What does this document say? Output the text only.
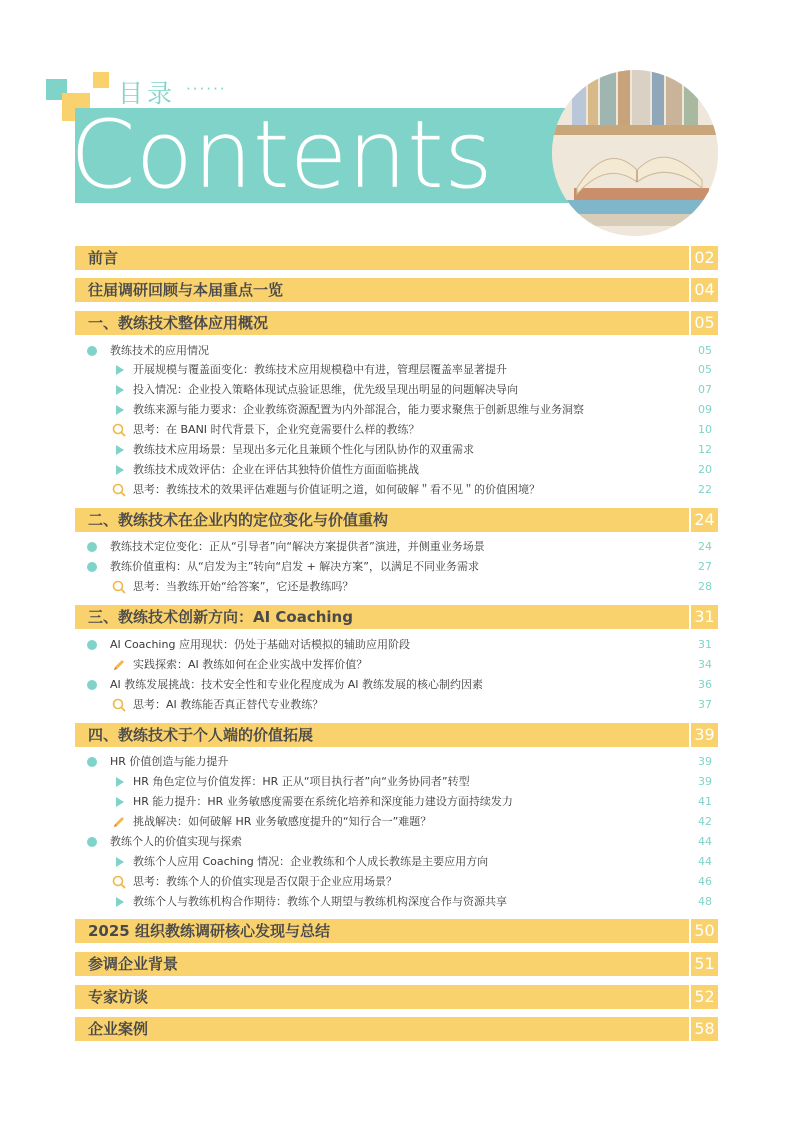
目录 ······
Contents
前言	02
往届调研回顾与本届重点一览	04
一、教练技术整体应用概况	05
教练技术的应用情况	05
开展规模与覆盖面变化：教练技术应用规模稳中有进，管理层覆盖率显著提升	05
投入情况：企业投入策略体现试点验证思维，优先级呈现出明显的问题解决导向	07
教练来源与能力要求：企业教练资源配置为内外部混合，能力要求聚焦于创新思维与业务洞察	09
思考：在 BANI 时代背景下，企业究竟需要什么样的教练？	10
教练技术应用场景：呈现出多元化且兼顾个性化与团队协作的双重需求	12
教练技术成效评估：企业在评估其独特价值性方面面临挑战	20
思考：教练技术的效果评估难题与价值证明之道，如何破解＂看不见＂的价值困境？	22
二、教练技术在企业内的定位变化与价值重构	24
教练技术定位变化：正从“引导者”向“解决方案提供者”演进，并侧重业务场景	24
教练价值重构：从“启发为主”转向“启发 + 解决方案”，以满足不同业务需求	27
思考：当教练开始“给答案”，它还是教练吗？	28
三、教练技术创新方向：AI Coaching	31
AI Coaching 应用现状：仍处于基础对话模拟的辅助应用阶段	31
实践探索：AI 教练如何在企业实战中发挥价值？	34
AI 教练发展挑战：技术安全性和专业化程度成为 AI 教练发展的核心制约因素	36
思考：AI 教练能否真正替代专业教练？	37
四、教练技术于个人端的价值拓展	39
HR 价值创造与能力提升	39
HR 角色定位与价值发挥：HR 正从“项目执行者”向“业务协同者”转型	39
HR 能力提升：HR 业务敏感度需要在系统化培养和深度能力建设方面持续发力	41
挑战解决：如何破解 HR 业务敏感度提升的“知行合一”难题？	42
教练个人的价值实现与探索	44
教练个人应用 Coaching 情况：企业教练和个人成长教练是主要应用方向	44
思考：教练个人的价值实现是否仅限于企业应用场景？	46
教练个人与教练机构合作期待：教练个人期望与教练机构深度合作与资源共享	48
2025 组织教练调研核心发现与总结	50
参调企业背景	51
专家访谈	52
企业案例	58
